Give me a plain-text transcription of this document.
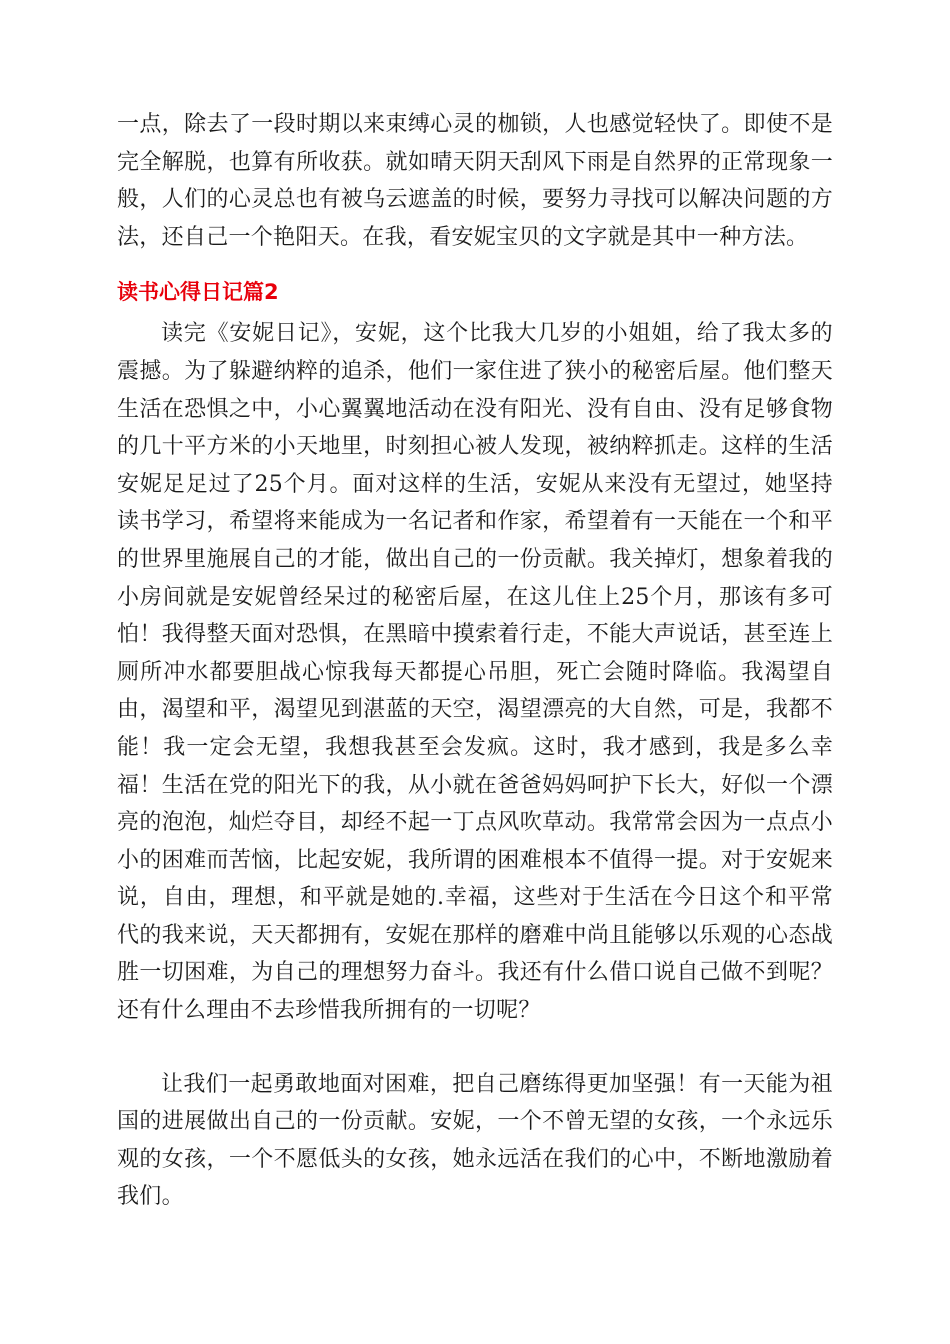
一点，除去了一段时期以来束缚心灵的枷锁，人也感觉轻快了。即使不是完全解脱，也算有所收获。就如晴天阴天刮风下雨是自然界的正常现象一般，人们的心灵总也有被乌云遮盖的时候，要努力寻找可以解决问题的方法，还自己一个艳阳天。在我，看安妮宝贝的文字就是其中一种方法。

读书心得日记篇2

读完《安妮日记》，安妮，这个比我大几岁的小姐姐，给了我太多的震撼。为了躲避纳粹的追杀，他们一家住进了狭小的秘密后屋。他们整天生活在恐惧之中，小心翼翼地活动在没有阳光、没有自由、没有足够食物的几十平方米的小天地里，时刻担心被人发现，被纳粹抓走。这样的生活安妮足足过了25个月。面对这样的生活，安妮从来没有无望过，她坚持读书学习，希望将来能成为一名记者和作家，希望着有一天能在一个和平的世界里施展自己的才能，做出自己的一份贡献。我关掉灯，想象着我的小房间就是安妮曾经呆过的秘密后屋，在这儿住上25个月，那该有多可怕！我得整天面对恐惧，在黑暗中摸索着行走，不能大声说话，甚至连上厕所冲水都要胆战心惊我每天都提心吊胆，死亡会随时降临。我渴望自由，渴望和平，渴望见到湛蓝的天空，渴望漂亮的大自然，可是，我都不能！我一定会无望，我想我甚至会发疯。这时，我才感到，我是多么幸福！生活在党的阳光下的我，从小就在爸爸妈妈呵护下长大，好似一个漂亮的泡泡，灿烂夺目，却经不起一丁点风吹草动。我常常会因为一点点小小的困难而苦恼，比起安妮，我所谓的困难根本不值得一提。对于安妮来说，自由，理想，和平就是她的.幸福，这些对于生活在今日这个和平常代的我来说，天天都拥有，安妮在那样的磨难中尚且能够以乐观的心态战胜一切困难，为自己的理想努力奋斗。我还有什么借口说自己做不到呢？还有什么理由不去珍惜我所拥有的一切呢？

让我们一起勇敢地面对困难，把自己磨练得更加坚强！有一天能为祖国的进展做出自己的一份贡献。安妮，一个不曾无望的女孩，一个永远乐观的女孩，一个不愿低头的女孩，她永远活在我们的心中，不断地激励着我们。
